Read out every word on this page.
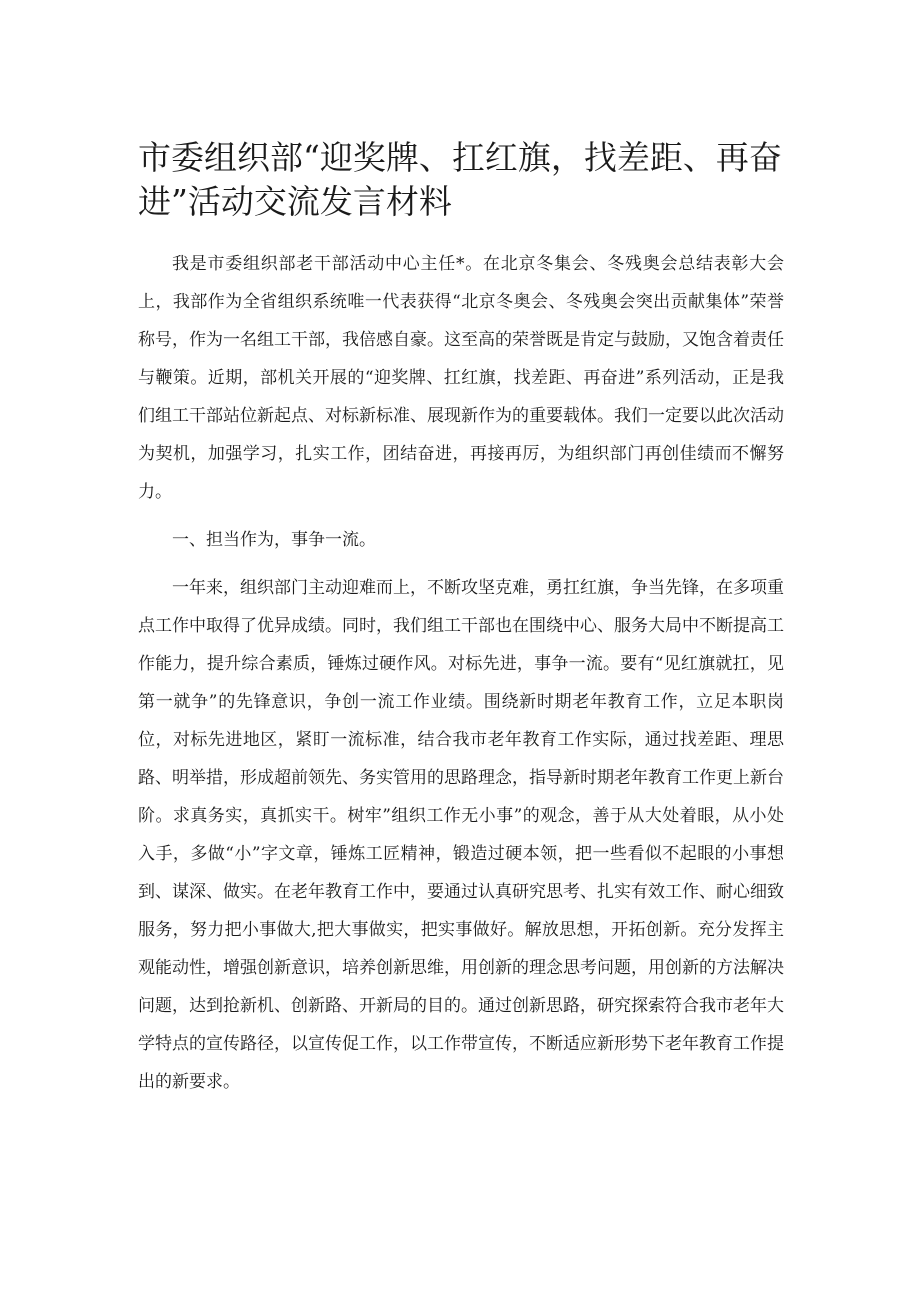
市委组织部“迎奖牌、扛红旗，找差距、再奋进”活动交流发言材料

我是市委组织部老干部活动中心主任*。在北京冬集会、冬残奥会总结表彰大会上，我部作为全省组织系统唯一代表获得“北京冬奥会、冬残奥会突出贡献集体”荣誉称号，作为一名组工干部，我倍感自豪。这至高的荣誉既是肯定与鼓励，又饱含着责任与鞭策。近期，部机关开展的“迎奖牌、扛红旗，找差距、再奋进”系列活动，正是我们组工干部站位新起点、对标新标准、展现新作为的重要载体。我们一定要以此次活动为契机，加强学习，扎实工作，团结奋进，再接再厉，为组织部门再创佳绩而不懈努力。

一、担当作为，事争一流。

一年来，组织部门主动迎难而上，不断攻坚克难，勇扛红旗，争当先锋，在多项重点工作中取得了优异成绩。同时，我们组工干部也在围绕中心、服务大局中不断提高工作能力，提升综合素质，锤炼过硬作风。对标先进，事争一流。要有“见红旗就扛，见第一就争”的先锋意识，争创一流工作业绩。围绕新时期老年教育工作，立足本职岗位，对标先进地区，紧盯一流标准，结合我市老年教育工作实际，通过找差距、理思路、明举措，形成超前领先、务实管用的思路理念，指导新时期老年教育工作更上新台阶。求真务实，真抓实干。树牢”组织工作无小事”的观念，善于从大处着眼，从小处入手，多做“小”字文章，锤炼工匠精神，锻造过硬本领，把一些看似不起眼的小事想到、谋深、做实。在老年教育工作中，要通过认真研究思考、扎实有效工作、耐心细致服务，努力把小事做大,把大事做实，把实事做好。解放思想，开拓创新。充分发挥主观能动性，增强创新意识，培养创新思维，用创新的理念思考问题，用创新的方法解决问题，达到抢新机、创新路、开新局的目的。通过创新思路，研究探索符合我市老年大学特点的宣传路径，以宣传促工作，以工作带宣传，不断适应新形势下老年教育工作提出的新要求。
